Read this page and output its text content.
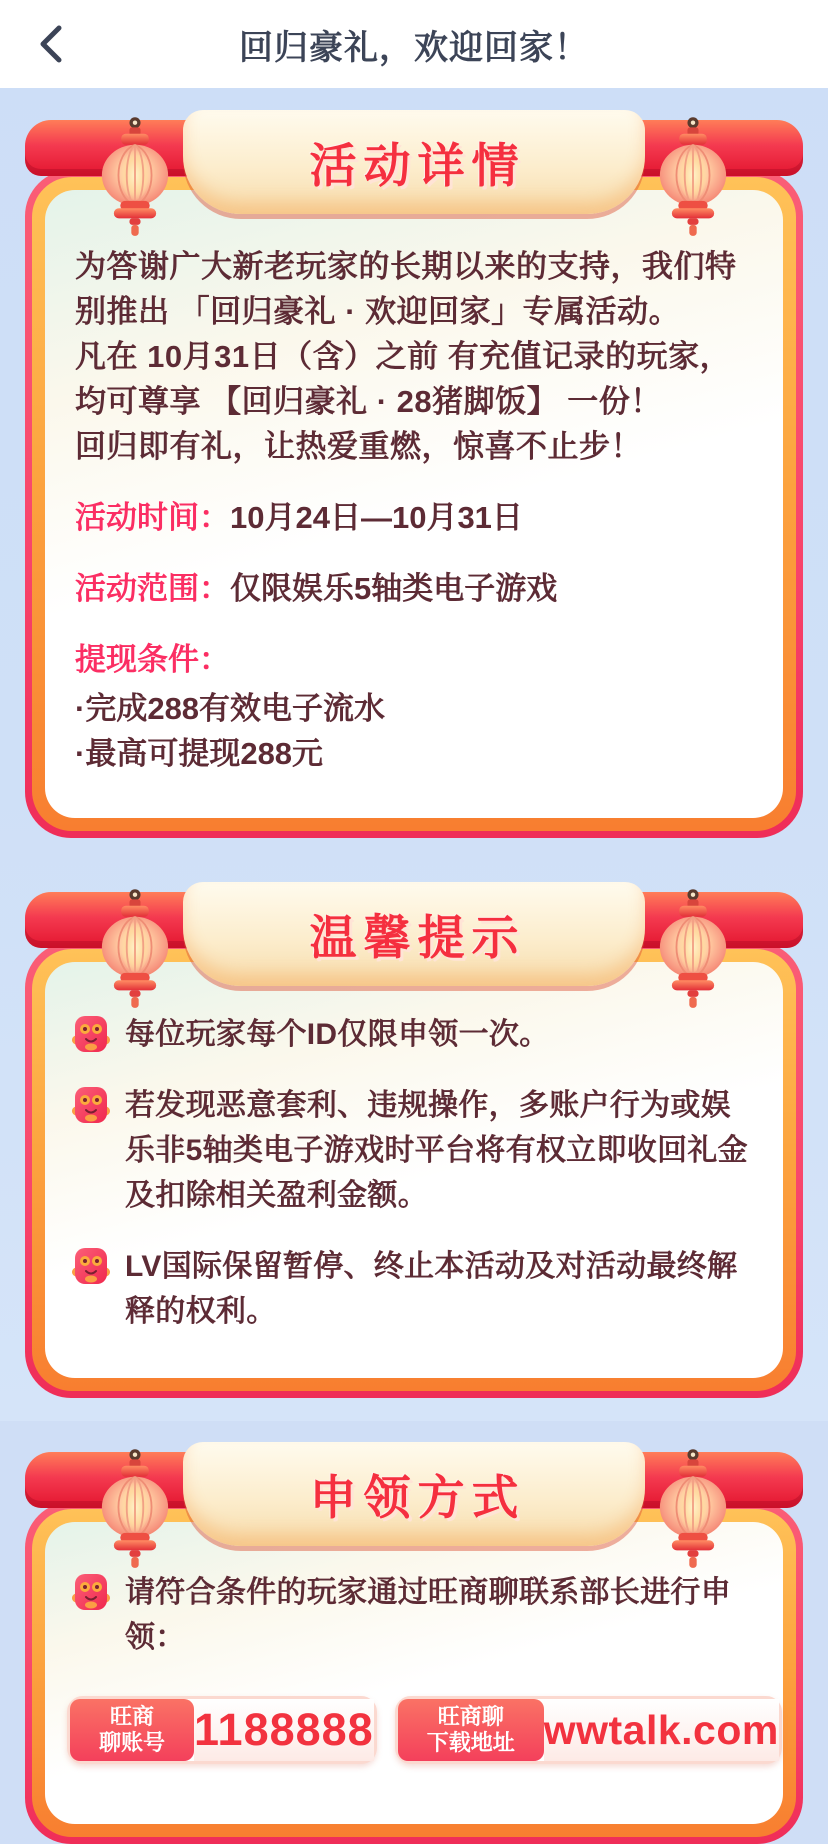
回归豪礼，欢迎回家！
活动详情

为答谢广大新老玩家的长期以来的支持，我们特别推出 「回归豪礼 · 欢迎回家」专属活动。

凡在 10月31日（含）之前 有充值记录的玩家，均可尊享 【回归豪礼 · 28猪脚饭】 一份！

回归即有礼，让热爱重燃，惊喜不止步！

活动时间：10月24日—10月31日
活动范围：仅限娱乐5轴类电子游戏
提现条件：
·完成288有效电子流水
·最高可提现288元
温馨提示
每位玩家每个ID仅限申领一次。
若发现恶意套利、违规操作，多账户行为或娱乐非5轴类电子游戏时平台将有权立即收回礼金及扣除相关盈利金额。
LV国际保留暂停、终止本活动及对活动最终解释的权利。
申领方式
请符合条件的玩家通过旺商聊联系部长进行申领：
旺商
聊账号 1188888	旺商聊
下载地址 wwtalk.com
